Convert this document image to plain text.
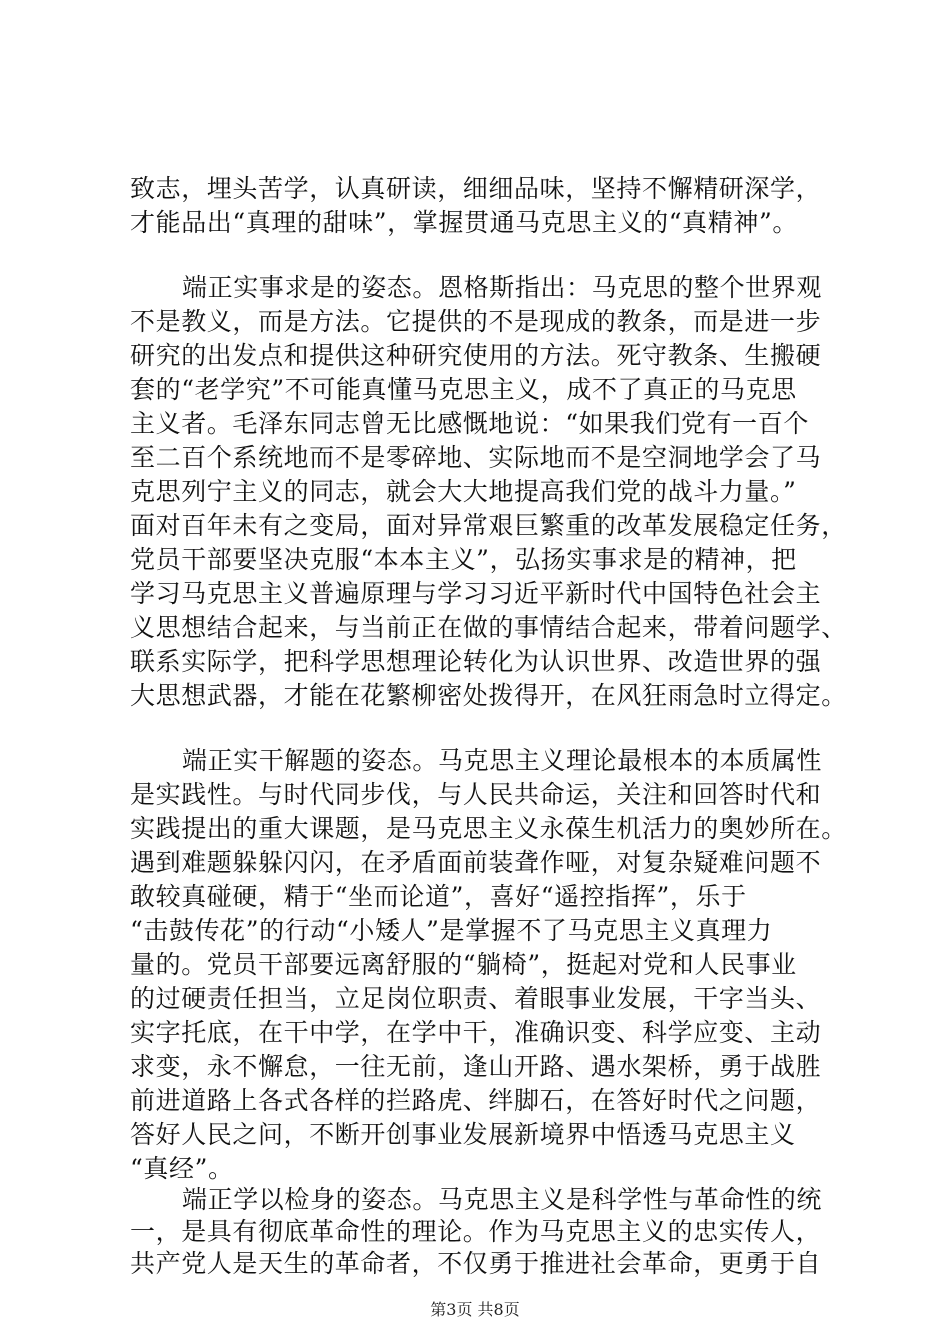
致志，埋头苦学，认真研读，细细品味，坚持不懈精研深学，
才能品出“真理的甜味”，掌握贯通马克思主义的“真精神”。
端正实事求是的姿态。恩格斯指出：马克思的整个世界观
不是教义，而是方法。它提供的不是现成的教条，而是进一步
研究的出发点和提供这种研究使用的方法。死守教条、生搬硬
套的“老学究”不可能真懂马克思主义，成不了真正的马克思
主义者。毛泽东同志曾无比感慨地说：“如果我们党有一百个
至二百个系统地而不是零碎地、实际地而不是空洞地学会了马
克思列宁主义的同志，就会大大地提高我们党的战斗力量。”
面对百年未有之变局，面对异常艰巨繁重的改革发展稳定任务，
党员干部要坚决克服“本本主义”，弘扬实事求是的精神，把
学习马克思主义普遍原理与学习习近平新时代中国特色社会主
义思想结合起来，与当前正在做的事情结合起来，带着问题学、
联系实际学，把科学思想理论转化为认识世界、改造世界的强
大思想武器，才能在花繁柳密处拨得开，在风狂雨急时立得定。
端正实干解题的姿态。马克思主义理论最根本的本质属性
是实践性。与时代同步伐，与人民共命运，关注和回答时代和
实践提出的重大课题，是马克思主义永葆生机活力的奥妙所在。
遇到难题躲躲闪闪，在矛盾面前装聋作哑，对复杂疑难问题不
敢较真碰硬，精于“坐而论道”，喜好“遥控指挥”，乐于
“击鼓传花”的行动“小矮人”是掌握不了马克思主义真理力
量的。党员干部要远离舒服的“躺椅”，挺起对党和人民事业
的过硬责任担当，立足岗位职责、着眼事业发展，干字当头、
实字托底，在干中学，在学中干，准确识变、科学应变、主动
求变，永不懈怠，一往无前，逢山开路、遇水架桥，勇于战胜
前进道路上各式各样的拦路虎、绊脚石，在答好时代之问题，
答好人民之问，不断开创事业发展新境界中悟透马克思主义
“真经”。
端正学以检身的姿态。马克思主义是科学性与革命性的统
一，是具有彻底革命性的理论。作为马克思主义的忠实传人，
共产党人是天生的革命者，不仅勇于推进社会革命，更勇于自
第3页 共8页
